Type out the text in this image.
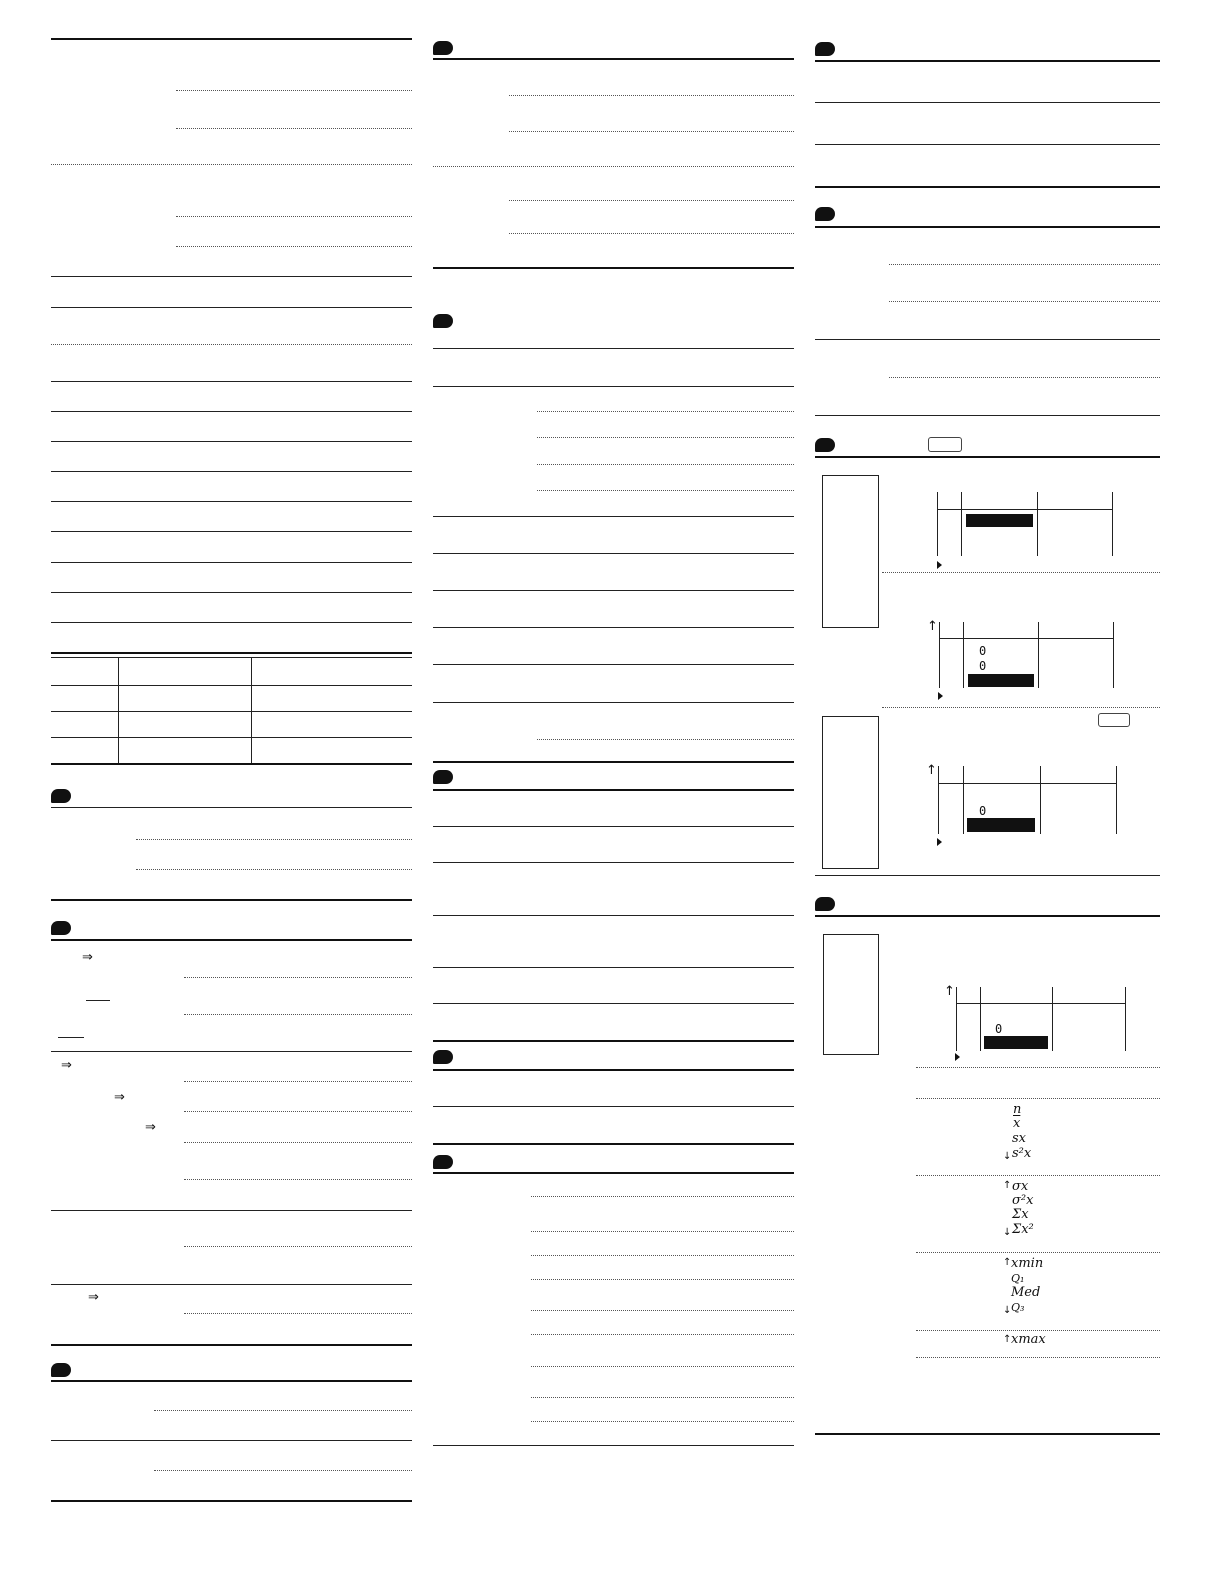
⇒
⇒
⇒
⇒
⇒
↑
0
0
↑
0
↑
0
n
$\overline{x}$
sx
↓ s²x
↑ σx
σ²x
Σx
↓ Σx²
↑ xmin
Q₁
Med
↓ Q₃
↑ xmax
